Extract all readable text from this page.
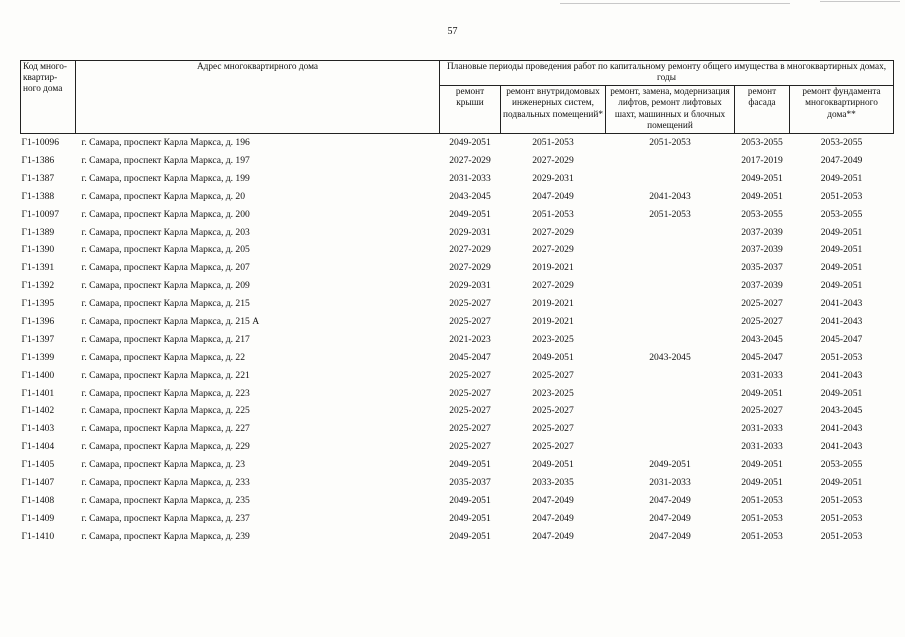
57
Код много-квартир-ного дома	Адрес многоквартирного дома	Плановые периоды проведения работ по капитальному ремонту общего имущества в многоквартирных домах, годы				
		ремонт крыши	ремонт внутридомовых инженерных систем, подвальных помещений*	ремонт, замена, модернизация лифтов, ремонт лифтовых шахт, машинных и блочных помещений	ремонт фасада	ремонт фундамента многоквартирного дома**
Г1-10096	г. Самара, проспект Карла Маркса, д. 196	2049-2051	2051-2053	2051-2053	2053-2055	2053-2055
Г1-1386	г. Самара, проспект Карла Маркса, д. 197	2027-2029	2027-2029		2017-2019	2047-2049
Г1-1387	г. Самара, проспект Карла Маркса, д. 199	2031-2033	2029-2031		2049-2051	2049-2051
Г1-1388	г. Самара, проспект Карла Маркса, д. 20	2043-2045	2047-2049	2041-2043	2049-2051	2051-2053
Г1-10097	г. Самара, проспект Карла Маркса, д. 200	2049-2051	2051-2053	2051-2053	2053-2055	2053-2055
Г1-1389	г. Самара, проспект Карла Маркса, д. 203	2029-2031	2027-2029		2037-2039	2049-2051
Г1-1390	г. Самара, проспект Карла Маркса, д. 205	2027-2029	2027-2029		2037-2039	2049-2051
Г1-1391	г. Самара, проспект Карла Маркса, д. 207	2027-2029	2019-2021		2035-2037	2049-2051
Г1-1392	г. Самара, проспект Карла Маркса, д. 209	2029-2031	2027-2029		2037-2039	2049-2051
Г1-1395	г. Самара, проспект Карла Маркса, д. 215	2025-2027	2019-2021		2025-2027	2041-2043
Г1-1396	г. Самара, проспект Карла Маркса, д. 215 А	2025-2027	2019-2021		2025-2027	2041-2043
Г1-1397	г. Самара, проспект Карла Маркса, д. 217	2021-2023	2023-2025		2043-2045	2045-2047
Г1-1399	г. Самара, проспект Карла Маркса, д. 22	2045-2047	2049-2051	2043-2045	2045-2047	2051-2053
Г1-1400	г. Самара, проспект Карла Маркса, д. 221	2025-2027	2025-2027		2031-2033	2041-2043
Г1-1401	г. Самара, проспект Карла Маркса, д. 223	2025-2027	2023-2025		2049-2051	2049-2051
Г1-1402	г. Самара, проспект Карла Маркса, д. 225	2025-2027	2025-2027		2025-2027	2043-2045
Г1-1403	г. Самара, проспект Карла Маркса, д. 227	2025-2027	2025-2027		2031-2033	2041-2043
Г1-1404	г. Самара, проспект Карла Маркса, д. 229	2025-2027	2025-2027		2031-2033	2041-2043
Г1-1405	г. Самара, проспект Карла Маркса, д. 23	2049-2051	2049-2051	2049-2051	2049-2051	2053-2055
Г1-1407	г. Самара, проспект Карла Маркса, д. 233	2035-2037	2033-2035	2031-2033	2049-2051	2049-2051
Г1-1408	г. Самара, проспект Карла Маркса, д. 235	2049-2051	2047-2049	2047-2049	2051-2053	2051-2053
Г1-1409	г. Самара, проспект Карла Маркса, д. 237	2049-2051	2047-2049	2047-2049	2051-2053	2051-2053
Г1-1410	г. Самара, проспект Карла Маркса, д. 239	2049-2051	2047-2049	2047-2049	2051-2053	2051-2053
